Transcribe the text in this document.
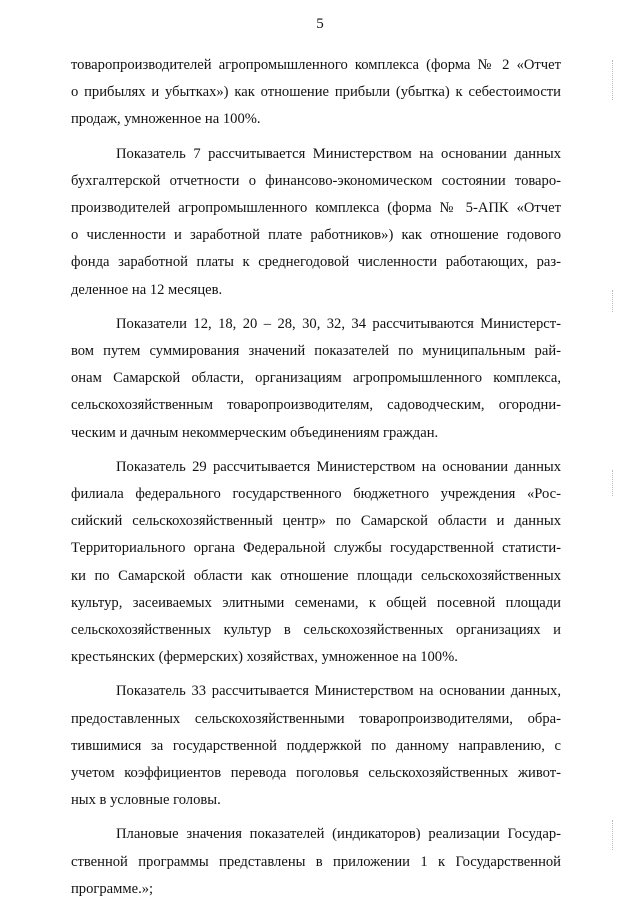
5

товаропроизводителей агропромышленного комплекса (форма № 2 «Отчет
о прибылях и убытках») как отношение прибыли (убытка) к себестоимости
продаж, умноженное на 100%.

Показатель 7 рассчитывается Министерством на основании данных
бухгалтерской отчетности о финансово-экономическом состоянии товаро-
производителей агропромышленного комплекса (форма № 5-АПК «Отчет
о численности и заработной плате работников») как отношение годового
фонда заработной платы к среднегодовой численности работающих, раз-
деленное на 12 месяцев.

Показатели 12, 18, 20 – 28, 30, 32, 34 рассчитываются Министерст-
вом путем суммирования значений показателей по муниципальным рай-
онам Самарской области, организациям агропромышленного комплекса,
сельскохозяйственным товаропроизводителям, садоводческим, огородни-
ческим и дачным некоммерческим объединениям граждан.

Показатель 29 рассчитывается Министерством на основании данных
филиала федерального государственного бюджетного учреждения «Рос-
сийский сельскохозяйственный центр» по Самарской области и данных
Территориального органа Федеральной службы государственной статисти-
ки по Самарской области как отношение площади сельскохозяйственных
культур, засеиваемых элитными семенами, к общей посевной площади
сельскохозяйственных культур в сельскохозяйственных организациях и
крестьянских (фермерских) хозяйствах, умноженное на 100%.

Показатель 33 рассчитывается Министерством на основании данных,
предоставленных сельскохозяйственными товаропроизводителями, обра-
тившимися за государственной поддержкой по данному направлению, с
учетом коэффициентов перевода поголовья сельскохозяйственных живот-
ных в условные головы.

Плановые значения показателей (индикаторов) реализации Государ-
ственной программы представлены в приложении 1 к Государственной
программе.»;
